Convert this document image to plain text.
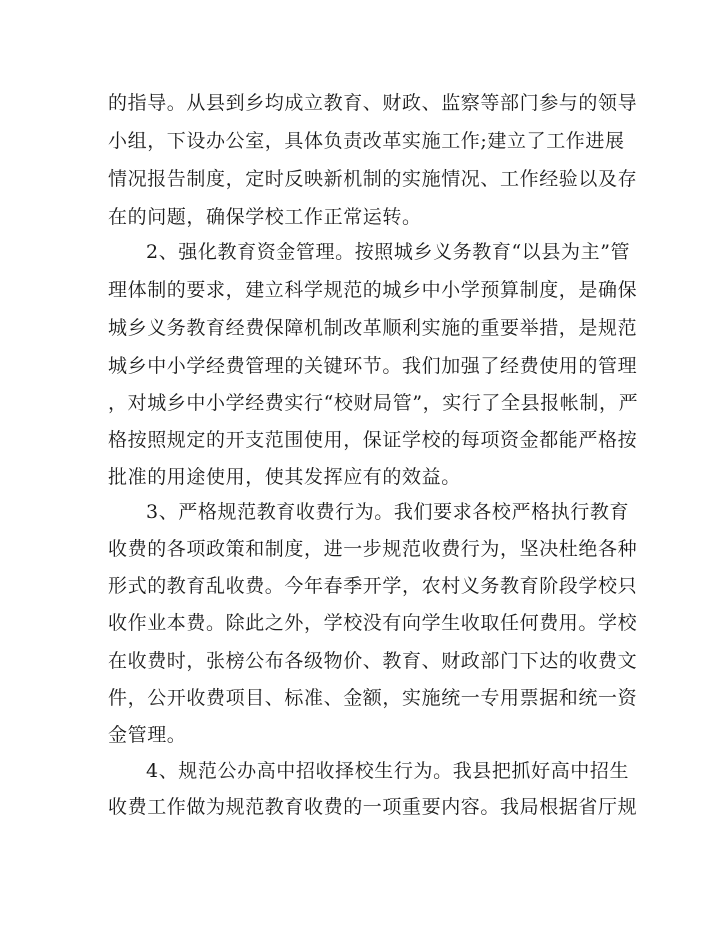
的指导。从县到乡均成立教育、财政、监察等部门参与的领导
小组，下设办公室，具体负责改革实施工作;建立了工作进展
情况报告制度，定时反映新机制的实施情况、工作经验以及存
在的问题，确保学校工作正常运转。
2、强化教育资金管理。按照城乡义务教育“以县为主”管
理体制的要求，建立科学规范的城乡中小学预算制度，是确保
城乡义务教育经费保障机制改革顺利实施的重要举措，是规范
城乡中小学经费管理的关键环节。我们加强了经费使用的管理
，对城乡中小学经费实行“校财局管”，实行了全县报帐制，严
格按照规定的开支范围使用，保证学校的每项资金都能严格按
批准的用途使用，使其发挥应有的效益。
3、严格规范教育收费行为。我们要求各校严格执行教育
收费的各项政策和制度，进一步规范收费行为，坚决杜绝各种
形式的教育乱收费。今年春季开学，农村义务教育阶段学校只
收作业本费。除此之外，学校没有向学生收取任何费用。学校
在收费时，张榜公布各级物价、教育、财政部门下达的收费文
件，公开收费项目、标准、金额，实施统一专用票据和统一资
金管理。
4、规范公办高中招收择校生行为。我县把抓好高中招生
收费工作做为规范教育收费的一项重要内容。我局根据省厅规
